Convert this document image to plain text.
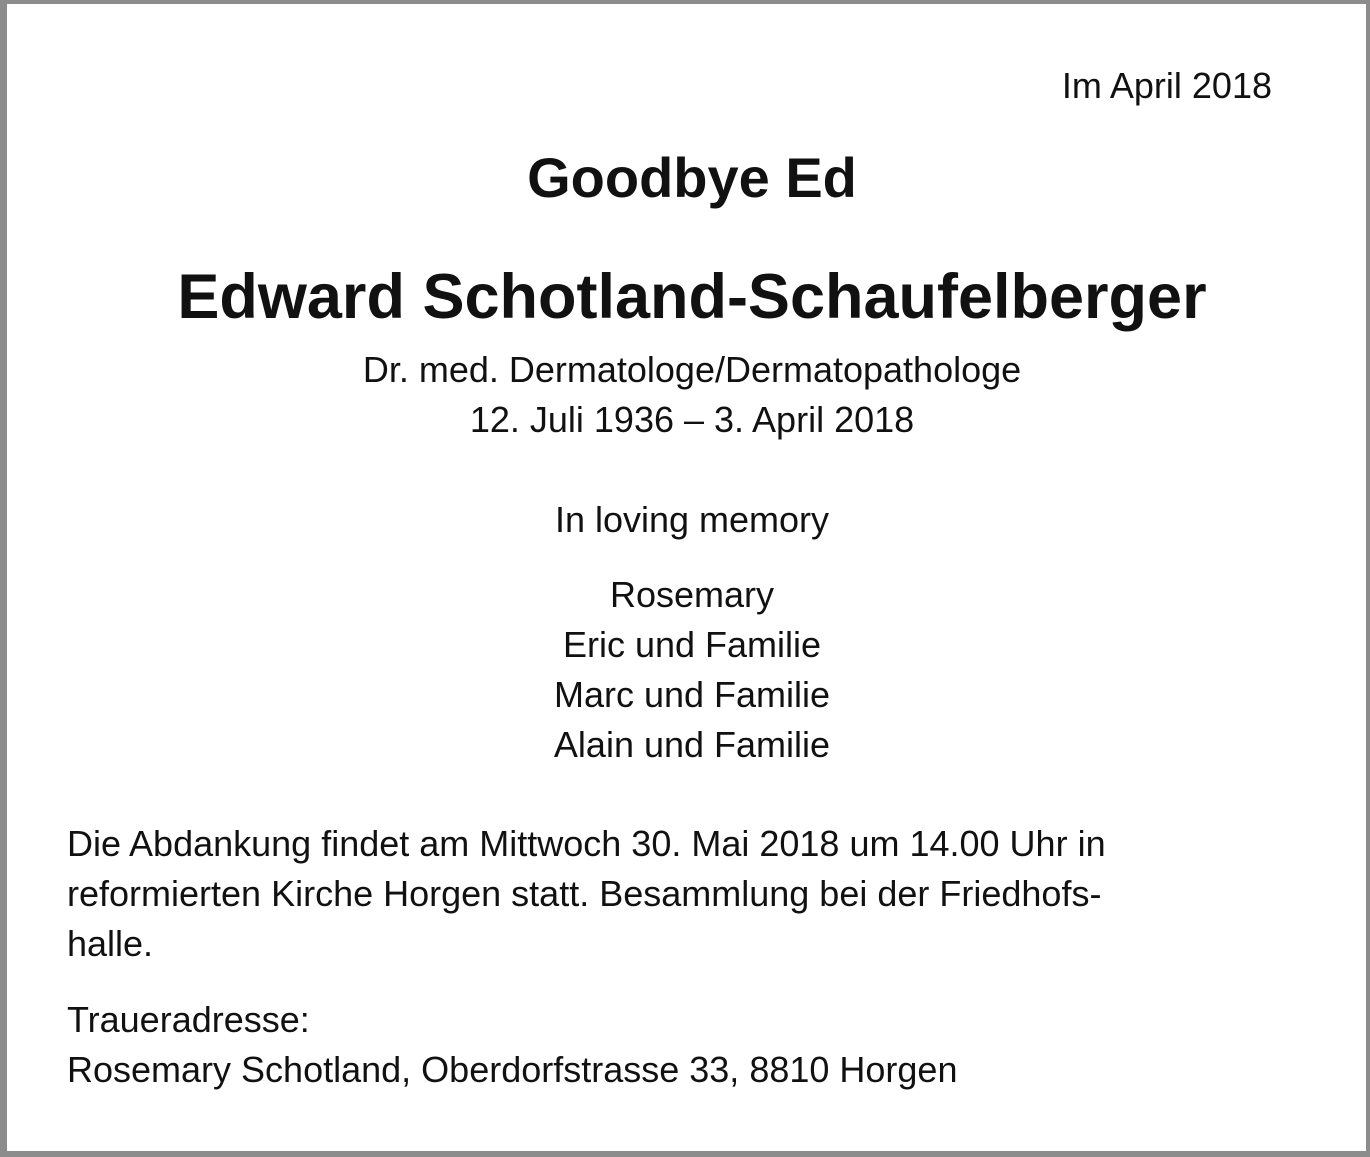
Im April 2018

Goodbye Ed

Edward Schotland-Schaufelberger

Dr. med. Dermatologe/Dermatopathologe

12. Juli 1936 – 3. April 2018

In loving memory

Rosemary
Eric und Familie
Marc und Familie
Alain und Familie

Die Abdankung findet am Mittwoch 30. Mai 2018 um 14.00 Uhr in
reformierten Kirche Horgen statt. Besammlung bei der Friedhofs-
halle.

Traueradresse:
Rosemary Schotland, Oberdorfstrasse 33, 8810 Horgen
